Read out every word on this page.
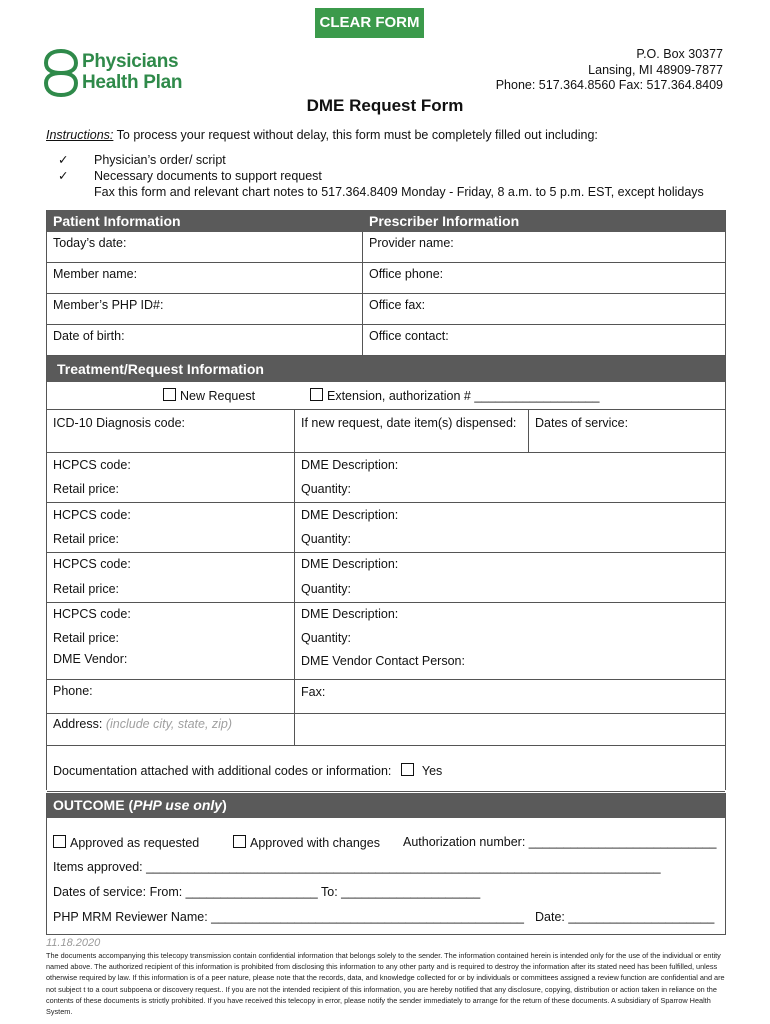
CLEAR FORM
Physicians
Health Plan
P.O. Box 30377
Lansing, MI 48909-7877
Phone: 517.364.8560 Fax: 517.364.8409
DME Request Form
Instructions: To process your request without delay, this form must be completely filled out including:
✓ Physician’s order/ script
✓ Necessary documents to support request
Fax this form and relevant chart notes to 517.364.8409 Monday - Friday, 8 a.m. to 5 p.m. EST, except holidays
Patient Information	Prescriber Information
Today’s date:	Provider name:
Member name:	Office phone:
Member’s PHP ID#:	Office fax:
Date of birth:	Office contact:
Treatment/Request Information
New Request	Extension, authorization # __________________
ICD-10 Diagnosis code:	If new request, date item(s) dispensed:	Dates of service:
HCPCS code:	DME Description:
Retail price:	Quantity:
HCPCS code:	DME Description:
Retail price:	Quantity:
HCPCS code:	DME Description:
Retail price:	Quantity:
HCPCS code:	DME Description:
Retail price:	Quantity:
DME Vendor:	DME Vendor Contact Person:
Phone:	Fax:
Address: (include city, state, zip)
Documentation attached with additional codes or information: Yes
OUTCOME (PHP use only)
Approved as requested	Approved with changes Authorization number: ___________________________
Items approved: __________________________________________________________________________
Dates of service: From: ___________________ To: ____________________
PHP MRM Reviewer Name: _____________________________________________ Date: _____________________
11.18.2020
The documents accompanying this telecopy transmission contain confidential information that belongs solely to the sender. The information contained herein is intended only for the use of the individual or entity named above. The authorized recipient of this information is prohibited from disclosing this information to any other party and is required to destroy the information after its stated need has been fulfilled, unless otherwise required by law. If this information is of a peer nature, please note that the records, data, and knowledge collected for or by individuals or committees assigned a review function are confidential and are not subject t to a court subpoena or discovery request.. If you are not the intended recipient of this information, you are hereby notified that any disclosure, copying, distribution or action taken in reliance on the contents of these documents is strictly prohibited. If you have received this telecopy in error, please notify the sender immediately to arrange for the return of these documents. A subsidiary of Sparrow Health System.
